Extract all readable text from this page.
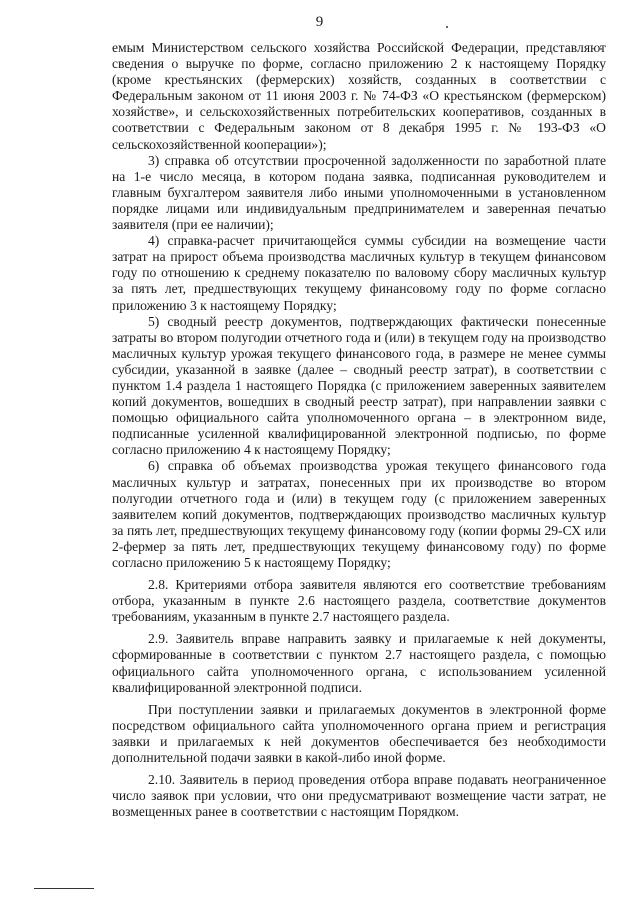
9

емым Министерством сельского хозяйства Российской Федерации, представляют сведения о выручке по форме, согласно приложению 2 к настоящему Порядку (кроме крестьянских (фермерских) хозяйств, созданных в соответствии с Федеральным законом от 11 июня 2003 г. № 74-ФЗ «О крестьянском (фермерском) хозяйстве», и сельскохозяйственных потребительских кооперативов, созданных в соответствии с Федеральным законом от 8 декабря 1995 г. № 193-ФЗ «О сельскохозяйственной кооперации»);

3) справка об отсутствии просроченной задолженности по заработной плате на 1-е число месяца, в котором подана заявка, подписанная руководителем и главным бухгалтером заявителя либо иными уполномоченными в установленном порядке лицами или индивидуальным предпринимателем и заверенная печатью заявителя (при ее наличии);

4) справка-расчет причитающейся суммы субсидии на возмещение части затрат на прирост объема производства масличных культур в текущем финансовом году по отношению к среднему показателю по валовому сбору масличных культур за пять лет, предшествующих текущему финансовому году по форме согласно приложению 3 к настоящему Порядку;

5) сводный реестр документов, подтверждающих фактически понесенные затраты во втором полугодии отчетного года и (или) в текущем году на производство масличных культур урожая текущего финансового года, в размере не менее суммы субсидии, указанной в заявке (далее – сводный реестр затрат), в соответствии с пунктом 1.4 раздела 1 настоящего Порядка (с приложением заверенных заявителем копий документов, вошедших в сводный реестр затрат), при направлении заявки с помощью официального сайта уполномоченного органа – в электронном виде, подписанные усиленной квалифицированной электронной подписью, по форме согласно приложению 4 к настоящему Порядку;

6) справка об объемах производства урожая текущего финансового года масличных культур и затратах, понесенных при их производстве во втором полугодии отчетного года и (или) в текущем году (с приложением заверенных заявителем копий документов, подтверждающих производство масличных культур за пять лет, предшествующих текущему финансовому году (копии формы 29-СХ или 2-фермер за пять лет, предшествующих текущему финансовому году) по форме согласно приложению 5 к настоящему Порядку;

2.8. Критериями отбора заявителя являются его соответствие требованиям отбора, указанным в пункте 2.6 настоящего раздела, соответствие документов требованиям, указанным в пункте 2.7 настоящего раздела.

2.9. Заявитель вправе направить заявку и прилагаемые к ней документы, сформированные в соответствии с пунктом 2.7 настоящего раздела, с помощью официального сайта уполномоченного органа, с использованием усиленной квалифицированной электронной подписи.

При поступлении заявки и прилагаемых документов в электронной форме посредством официального сайта уполномоченного органа прием и регистрация заявки и прилагаемых к ней документов обеспечивается без необходимости дополнительной подачи заявки в какой-либо иной форме.

2.10. Заявитель в период проведения отбора вправе подавать неограниченное число заявок при условии, что они предусматривают возмещение части затрат, не возмещенных ранее в соответствии с настоящим Порядком.
